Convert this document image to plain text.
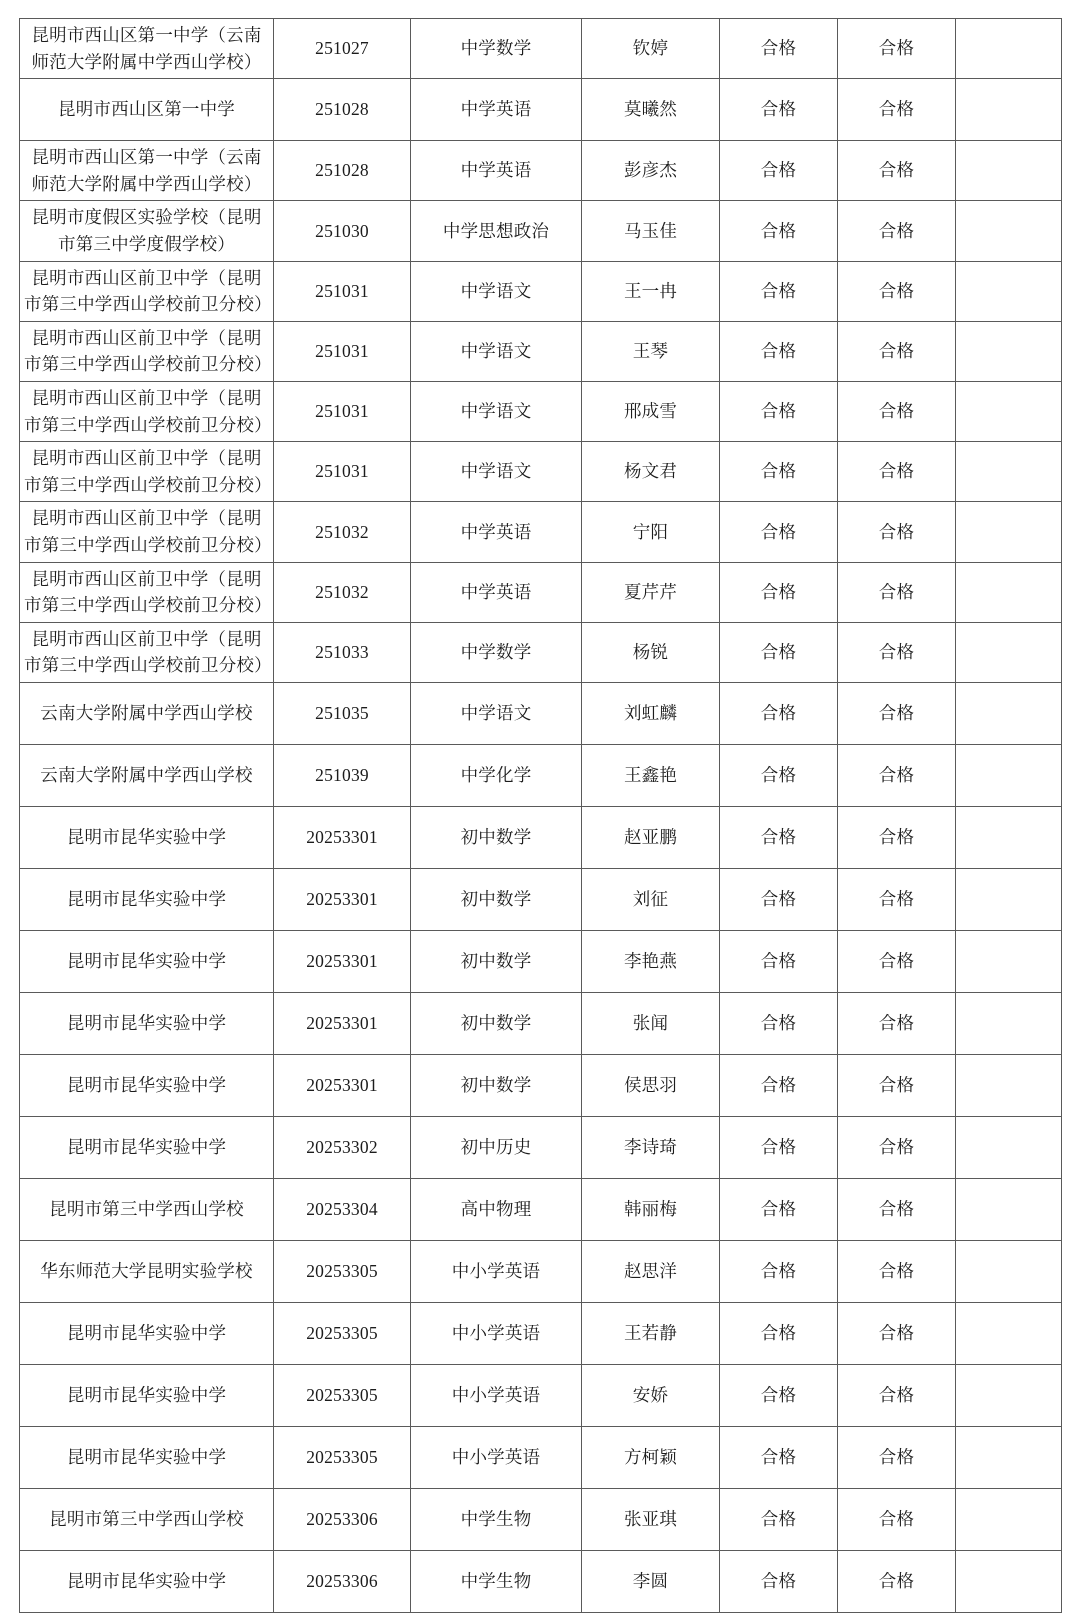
昆明市西山区第一中学（云南师范大学附属中学西山学校）	251027	中学数学	钦婷	合格	合格	
昆明市西山区第一中学	251028	中学英语	莫曦然	合格	合格	
昆明市西山区第一中学（云南师范大学附属中学西山学校）	251028	中学英语	彭彦杰	合格	合格	
昆明市度假区实验学校（昆明市第三中学度假学校）	251030	中学思想政治	马玉佳	合格	合格	
昆明市西山区前卫中学（昆明市第三中学西山学校前卫分校）	251031	中学语文	王一冉	合格	合格	
昆明市西山区前卫中学（昆明市第三中学西山学校前卫分校）	251031	中学语文	王琴	合格	合格	
昆明市西山区前卫中学（昆明市第三中学西山学校前卫分校）	251031	中学语文	邢成雪	合格	合格	
昆明市西山区前卫中学（昆明市第三中学西山学校前卫分校）	251031	中学语文	杨文君	合格	合格	
昆明市西山区前卫中学（昆明市第三中学西山学校前卫分校）	251032	中学英语	宁阳	合格	合格	
昆明市西山区前卫中学（昆明市第三中学西山学校前卫分校）	251032	中学英语	夏芹芹	合格	合格	
昆明市西山区前卫中学（昆明市第三中学西山学校前卫分校）	251033	中学数学	杨锐	合格	合格	
云南大学附属中学西山学校	251035	中学语文	刘虹麟	合格	合格	
云南大学附属中学西山学校	251039	中学化学	王鑫艳	合格	合格	
昆明市昆华实验中学	20253301	初中数学	赵亚鹏	合格	合格	
昆明市昆华实验中学	20253301	初中数学	刘征	合格	合格	
昆明市昆华实验中学	20253301	初中数学	李艳燕	合格	合格	
昆明市昆华实验中学	20253301	初中数学	张闻	合格	合格	
昆明市昆华实验中学	20253301	初中数学	侯思羽	合格	合格	
昆明市昆华实验中学	20253302	初中历史	李诗琦	合格	合格	
昆明市第三中学西山学校	20253304	高中物理	韩丽梅	合格	合格	
华东师范大学昆明实验学校	20253305	中小学英语	赵思洋	合格	合格	
昆明市昆华实验中学	20253305	中小学英语	王若静	合格	合格	
昆明市昆华实验中学	20253305	中小学英语	安娇	合格	合格	
昆明市昆华实验中学	20253305	中小学英语	方柯颖	合格	合格	
昆明市第三中学西山学校	20253306	中学生物	张亚琪	合格	合格	
昆明市昆华实验中学	20253306	中学生物	李圆	合格	合格	
